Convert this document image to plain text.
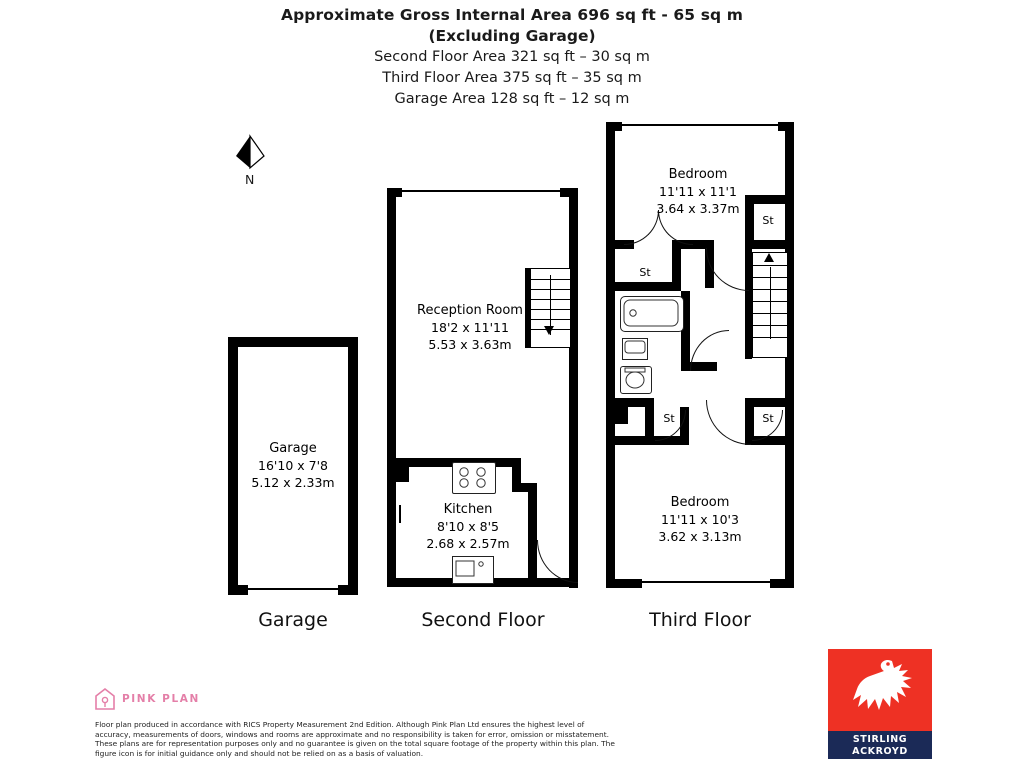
Approximate Gross Internal Area 696 sq ft - 65 sq m
(Excluding Garage)
Second Floor Area 321 sq ft – 30 sq m
Third Floor Area 375 sq ft – 35 sq m
Garage Area 128 sq ft – 12 sq m
N
Garage
16'10 x 7'8
5.12 x 2.33m
Garage
Reception Room
18'2 x 11'11
5.53 x 3.63m
Kitchen
8'10 x 8'5
2.68 x 2.57m
Second Floor
Bedroom
11'11 x 11'1
3.64 x 3.37m
Bedroom
11'11 x 10'3
3.62 x 3.13m
St
St
St	St
Third Floor
PINK PLAN
Floor plan produced in accordance with RICS Property Measurement 2nd Edition. Although Pink Plan Ltd ensures the highest level of accuracy, measurements of doors, windows and rooms are approximate and no responsibility is taken for error, omission or misstatement. These plans are for representation purposes only and no guarantee is given on the total square footage of the property within this plan. The figure icon is for initial guidance only and should not be relied on as a basis of valuation.
STIRLING
ACKROYD
